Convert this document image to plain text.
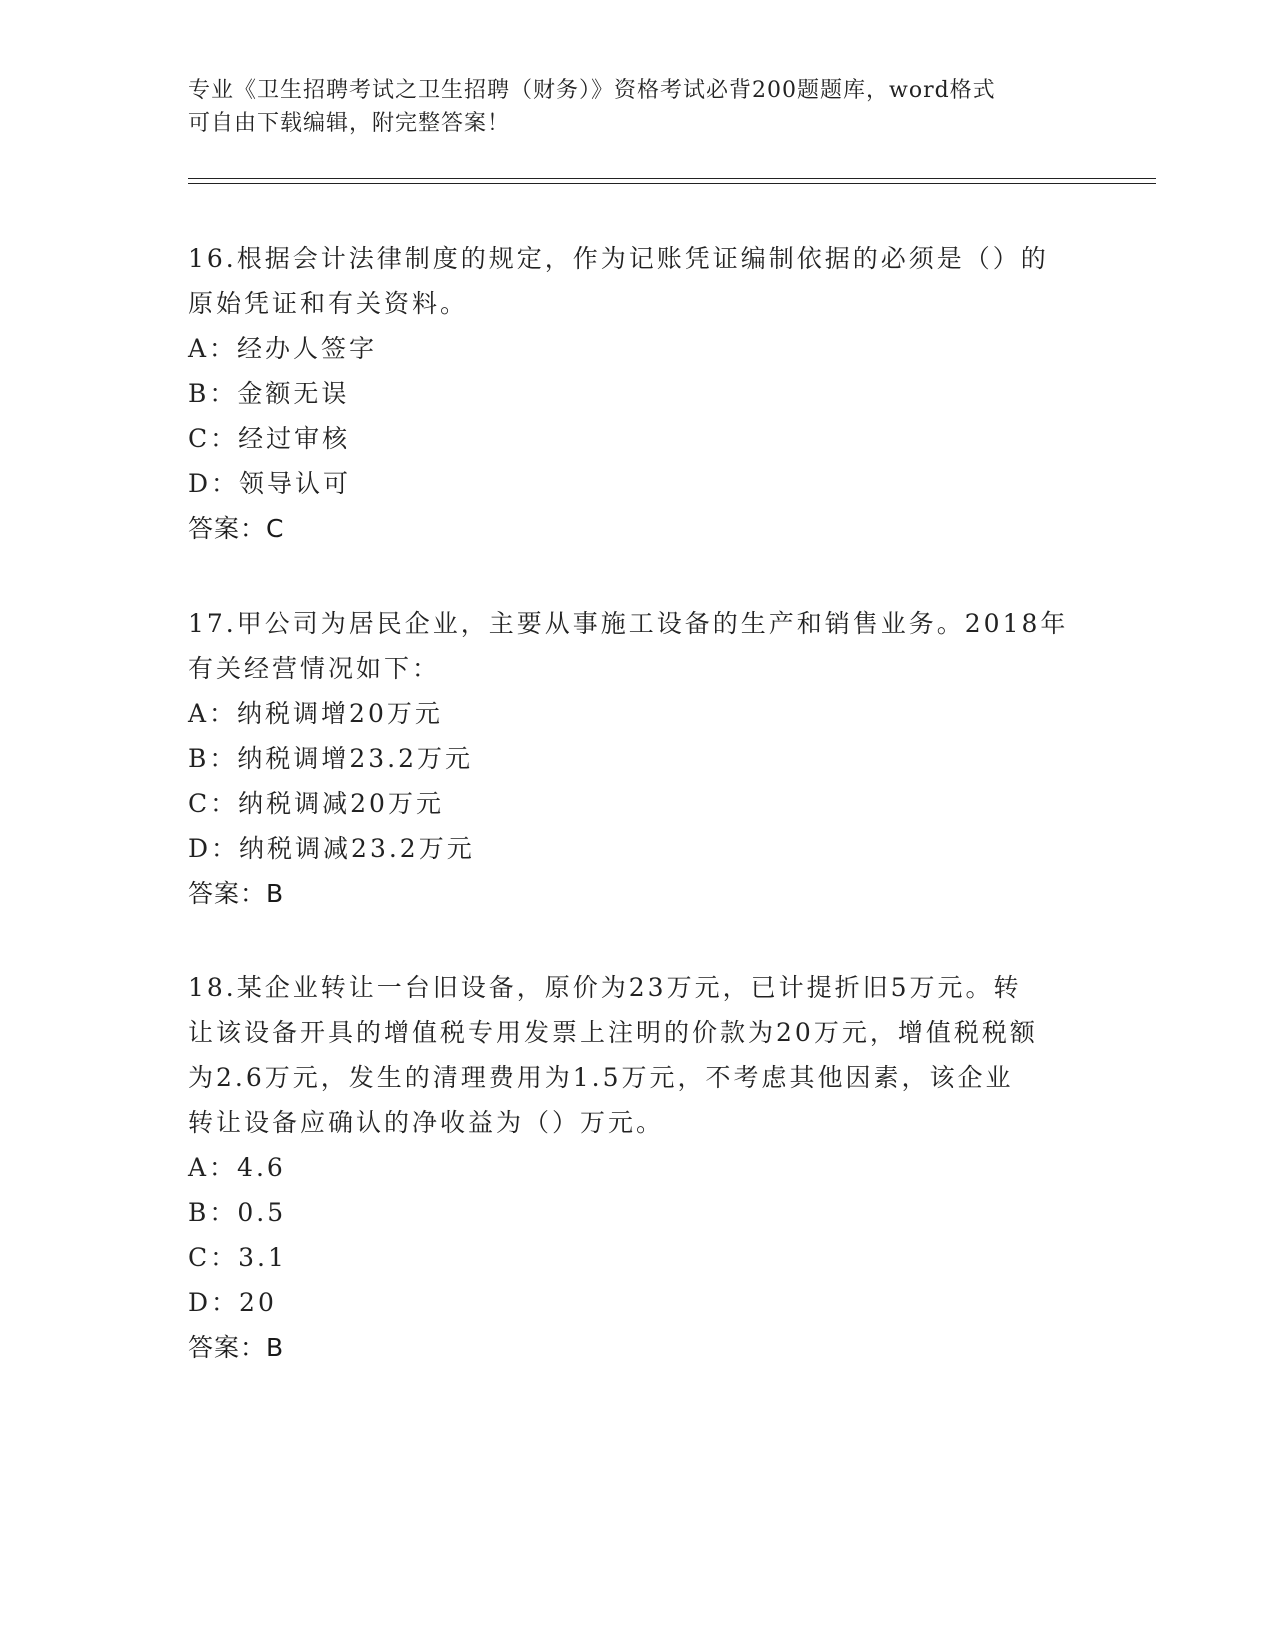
专业《卫生招聘考试之卫生招聘（财务）》资格考试必背200题题库，word格式
可自由下载编辑，附完整答案！
16.根据会计法律制度的规定，作为记账凭证编制依据的必须是（）的
原始凭证和有关资料。
A：经办人签字
B：金额无误
C：经过审核
D：领导认可
答案：C
17.甲公司为居民企业，主要从事施工设备的生产和销售业务。2018年
有关经营情况如下：
A：纳税调增20万元
B：纳税调增23.2万元
C：纳税调减20万元
D：纳税调减23.2万元
答案：B
18.某企业转让一台旧设备，原价为23万元，已计提折旧5万元。转
让该设备开具的增值税专用发票上注明的价款为20万元，增值税税额
为2.6万元，发生的清理费用为1.5万元，不考虑其他因素，该企业
转让设备应确认的净收益为（）万元。
A：4.6
B：0.5
C：3.1
D：20
答案：B
